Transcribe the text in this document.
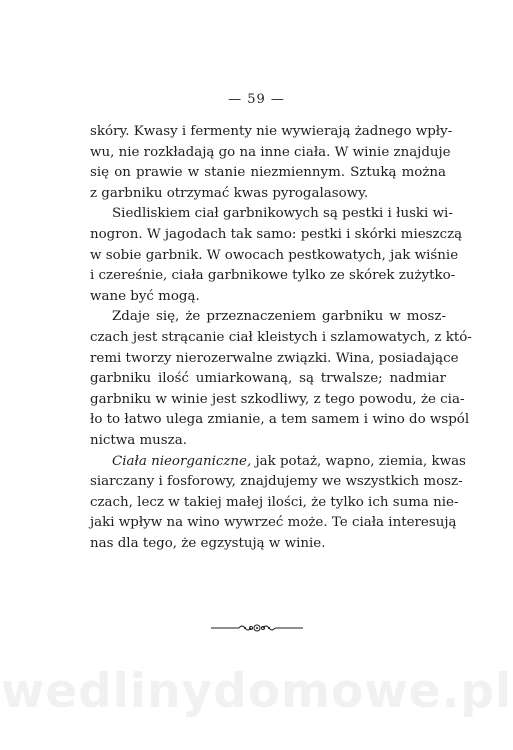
— 59 —
skóry. Kwasy i fermenty nie wywierają żadnego wpły-
wu, nie rozkładają go na inne ciała. W winie znajduje
się on prawie w stanie niezmiennym. Sztuką można
z garbniku otrzymać kwas pyrogalasowy.
Siedliskiem ciał garbnikowych są pestki i łuski wi-
nogron. W jagodach tak samo: pestki i skórki mieszczą
w sobie garbnik. W owocach pestkowatych, jak wiśnie
i czereśnie, ciała garbnikowe tylko ze skórek zużytko-
wane być mogą.
Zdaje się, że przeznaczeniem garbniku w mosz-
czach jest strącanie ciał kleistych i szlamowatych, z któ-
remi tworzy nierozerwalne związki. Wina, posiadające
garbniku ilość umiarkowaną, są trwalsze; nadmiar
garbniku w winie jest szkodliwy, z tego powodu, że cia-
ło to łatwo ulega zmianie, a tem samem i wino do wspól
nictwa musza.
Ciała nieorganiczne, jak potaż, wapno, ziemia, kwas
siarczany i fosforowy, znajdujemy we wszystkich mosz-
czach, lecz w takiej małej ilości, że tylko ich suma nie-
jaki wpływ na wino wywrzeć może. Te ciała interesują
nas dla tego, że egzystują w winie.
wedlinydomowe.pl
